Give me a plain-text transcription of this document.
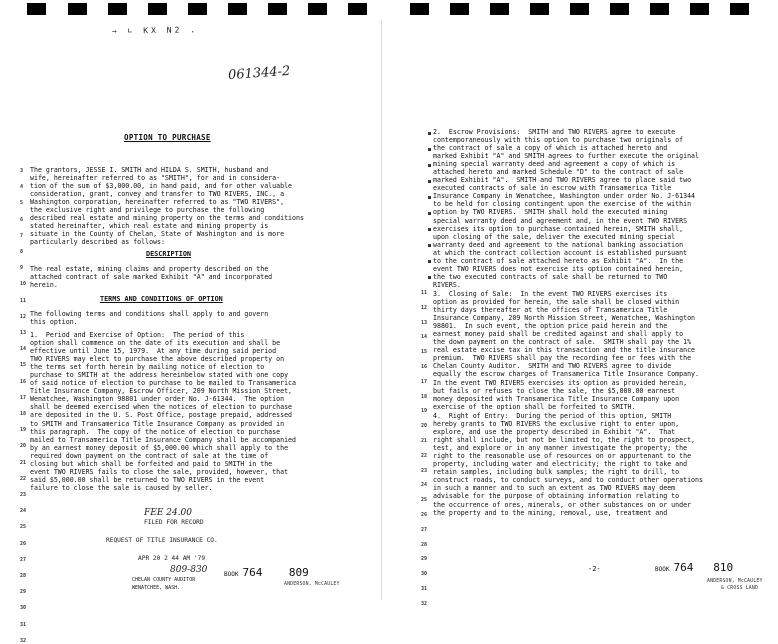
→ ∟ KX N2 .
061344-2
OPTION TO PURCHASE
The grantors, JESSE I. SMITH and HILDA S. SMITH, husband and
wife, hereinafter referred to as "SMITH", for and in considera-
tion of the sum of $3,000.00, in hand paid, and for other valuable
consideration, grant, convey and transfer to TWO RIVERS, INC., a
Washington corporation, hereinafter referred to as "TWO RIVERS",
the exclusive right and privilege to purchase the following
described real estate and mining property on the terms and conditions
stated hereinafter, which real estate and mining property is
situate in the County of Chelan, State of Washington and is more
particularly described as follows:
DESCRIPTION
The real estate, mining claims and property described on the
attached contract of sale marked Exhibit "A" and incorporated
herein.
TERMS AND CONDITIONS OF OPTION
The following terms and conditions shall apply to and govern
this option.
1.  Period and Exercise of Option:  The period of this
option shall commence on the date of its execution and shall be
effective until June 15, 1979.  At any time during said period
TWO RIVERS may elect to purchase the above described property on
the terms set forth herein by mailing notice of election to
purchase to SMITH at the address hereinbelow stated with one copy
of said notice of election to purchase to be mailed to Transamerica
Title Insurance Company, Escrow Officer, 209 North Mission Street,
Wenatchee, Washington 98801 under order No. J-61344.  The option
shall be deemed exercised when the notices of election to purchase
are deposited in the U. S. Post Office, postage prepaid, addressed
to SMITH and Transamerica Title Insurance Company as provided in
this paragraph.  The copy of the notice of election to purchase
mailed to Transamerica Title Insurance Company shall be accompanied
by an earnest money deposit of $5,000.00 which shall apply to the
required down payment on the contract of sale at the time of
closing but which shall be forfeited and paid to SMITH in the
event TWO RIVERS fails to close the sale, provided, however, that
said $5,000.00 shall be returned to TWO RIVERS in the event
failure to close the sale is caused by seller.
FEE 24.00
FILED FOR RECORD
REQUEST OF TITLE INSURANCE CO.
APR 20 2 44 AM '79
809-830
CHELAN COUNTY AUDITOR
WENATCHEE, WASH.
BOOK 764 809
ANDERSON, McCAULEY
3
4
5
6
7
8
9
10
11
12
13
14
15
16
17
18
19
20
21
22
23
24
25
26
27
28
29
30
31
32
2.  Escrow Provisions:  SMITH and TWO RIVERS agree to execute
contemporaneously with this option to purchase two originals of
the contract of sale a copy of which is attached hereto and
marked Exhibit "A" and SMITH agrees to further execute the original
mining special warranty deed and agreement a copy of which is
attached hereto and marked Schedule "D" to the contract of sale
marked Exhibit "A".  SMITH and TWO RIVERS agree to place said two
executed contracts of sale in escrow with Transamerica Title
Insurance Company in Wenatchee, Washington under order No. J-61344
to be held for closing contingent upon the exercise of the within
option by TWO RIVERS.  SMITH shall hold the executed mining
special warranty deed and agreement and, in the event TWO RIVERS
exercises its option to purchase contained herein, SMITH shall,
upon closing of the sale, deliver the executed mining special
warranty deed and agreement to the national banking association
at which the contract collection account is established pursuant
to the contract of sale attached hereto as Exhibit "A".  In the
event TWO RIVERS does not exercise its option contained herein,
the two executed contracts of sale shall be returned to TWO
RIVERS.
3.  Closing of Sale:  In the event TWO RIVERS exercises its
option as provided for herein, the sale shall be closed within
thirty days thereafter at the offices of Transamerica Title
Insurance Company, 209 North Mission Street, Wenatchee, Washington
98801.  In such event, the option price paid herein and the
earnest money paid shall be credited against and shall apply to
the down payment on the contract of sale.  SMITH shall pay the 1%
real estate excise tax in this transaction and the title insurance
premium.  TWO RIVERS shall pay the recording fee or fees with the
Chelan County Auditor.  SMITH and TWO RIVERS agree to divide
equally the escrow charges of Transamerica Title Insurance Company.
In the event TWO RIVERS exercises its option as provided herein,
but fails or refuses to close the sale, the $5,000.00 earnest
money deposited with Transamerica Title Insurance Company upon
exercise of the option shall be forfeited to SMITH.
4.  Right of Entry:  During the period of this option, SMITH
hereby grants to TWO RIVERS the exclusive right to enter upon,
explore, and use the property described in Exhibit "A".  That
right shall include, but not be limited to, the right to prospect,
test, and explore or in any manner investigate the property; the
right to the reasonable use of resources on or appurtenant to the
property, including water and electricity; the right to take and
retain samples, including bulk samples; the right to drill, to
construct roads, to conduct surveys, and to conduct other operations
in such a manner and to such an extent as TWO RIVERS may deem
advisable for the purpose of obtaining information relating to
the occurrence of ores, minerals, or other substances on or under
the property and to the mining, removal, use, treatment and
-2-	BOOK 764 810
ANDERSON, McCAULEY
& CROSS LAND
11
12
13
14
15
16
17
18
19
20
21
22
23
24
25
26
27
28
29
30
31
32
